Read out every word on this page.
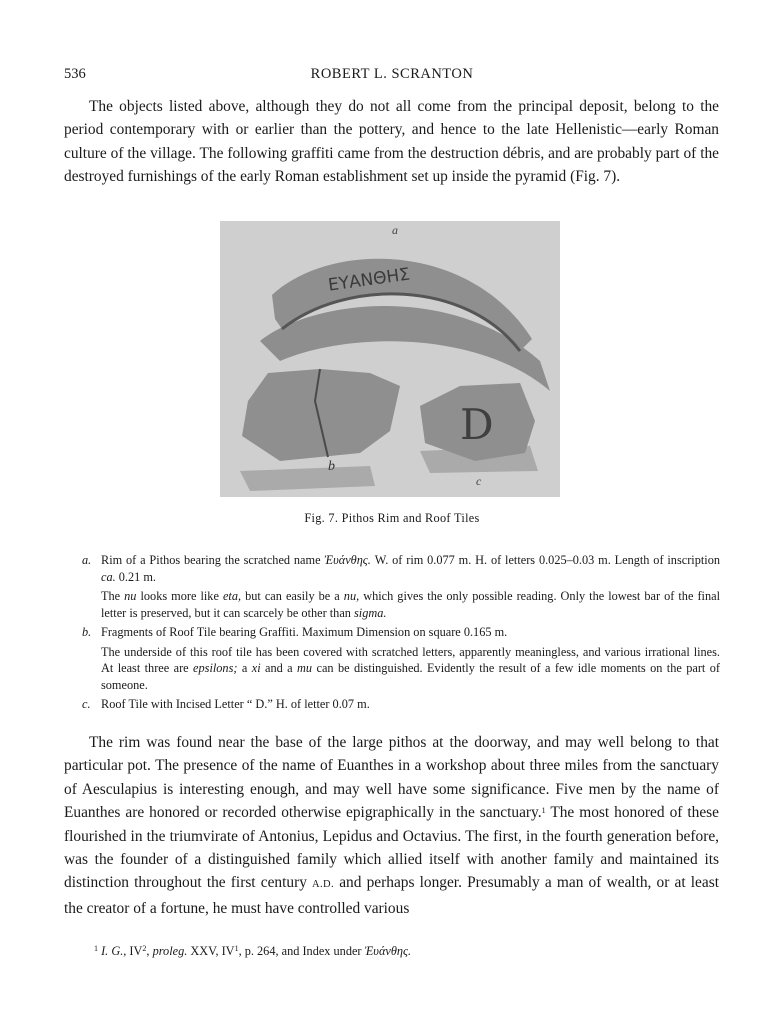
536	ROBERT L. SCRANTON

The objects listed above, although they do not all come from the principal deposit, belong to the period contemporary with or earlier than the pottery, and hence to the late Hellenistic—early Roman culture of the village. The following graffiti came from the destruction débris, and are probably part of the destroyed furnishings of the early Roman establishment set up inside the pyramid (Fig. 7).

ΕΥΑΝΘΗΣ
D
a
b
c
Fig. 7. Pithos Rim and Roof Tiles
a. Rim of a Pithos bearing the scratched name Ἐυάνθης. W. of rim 0.077 m. H. of letters 0.025–0.03 m. Length of inscription ca. 0.21 m.
The nu looks more like eta, but can easily be a nu, which gives the only possible reading. Only the lowest bar of the final letter is preserved, but it can scarcely be other than sigma.
b. Fragments of Roof Tile bearing Graffiti. Maximum Dimension on square 0.165 m.
The underside of this roof tile has been covered with scratched letters, apparently meaningless, and various irrational lines. At least three are epsilons; a xi and a mu can be distinguished. Evidently the result of a few idle moments on the part of someone.
c. Roof Tile with Incised Letter “ D.” H. of letter 0.07 m.

The rim was found near the base of the large pithos at the doorway, and may well belong to that particular pot. The presence of the name of Euanthes in a workshop about three miles from the sanctuary of Aesculapius is interesting enough, and may well have some significance. Five men by the name of Euanthes are honored or recorded otherwise epigraphically in the sanctuary.$^1$ The most honored of these flourished in the triumvirate of Antonius, Lepidus and Octavius. The first, in the fourth generation before, was the founder of a distinguished family which allied itself with another family and maintained its distinction throughout the first century A.D. and perhaps longer. Presumably a man of wealth, or at least the creator of a fortune, he must have controlled various

$^1$ I. G., $IV^2$, proleg. XXV, $IV^1$, p. 264, and Index under Ἐυάνθης.
